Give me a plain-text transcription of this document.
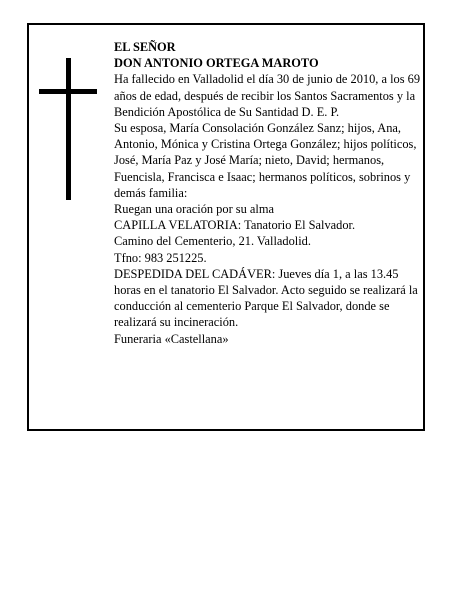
EL SEÑOR

DON ANTONIO ORTEGA MAROTO

Ha fallecido en Valladolid el día 30 de junio de 2010, a los 69 años de edad, después de recibir los Santos Sacramentos y la Bendición Apostólica de Su Santidad D. E. P.

Su esposa, María Consolación González Sanz; hijos, Ana, Antonio, Mónica y Cristina Ortega González; hijos políticos, José, María Paz y José María; nieto, David; hermanos, Fuencisla, Francisca e Isaac; hermanos políticos, sobrinos y demás familia:

Ruegan una oración por su alma

CAPILLA VELATORIA: Tanatorio El Salvador.

Camino del Cementerio, 21. Valladolid.

Tfno: 983 251225.

DESPEDIDA DEL CADÁVER: Jueves día 1, a las 13.45 horas en el tanatorio El Salvador. Acto seguido se realizará la conducción al cementerio Parque El Salvador, donde se realizará su incineración.

Funeraria «Castellana»
